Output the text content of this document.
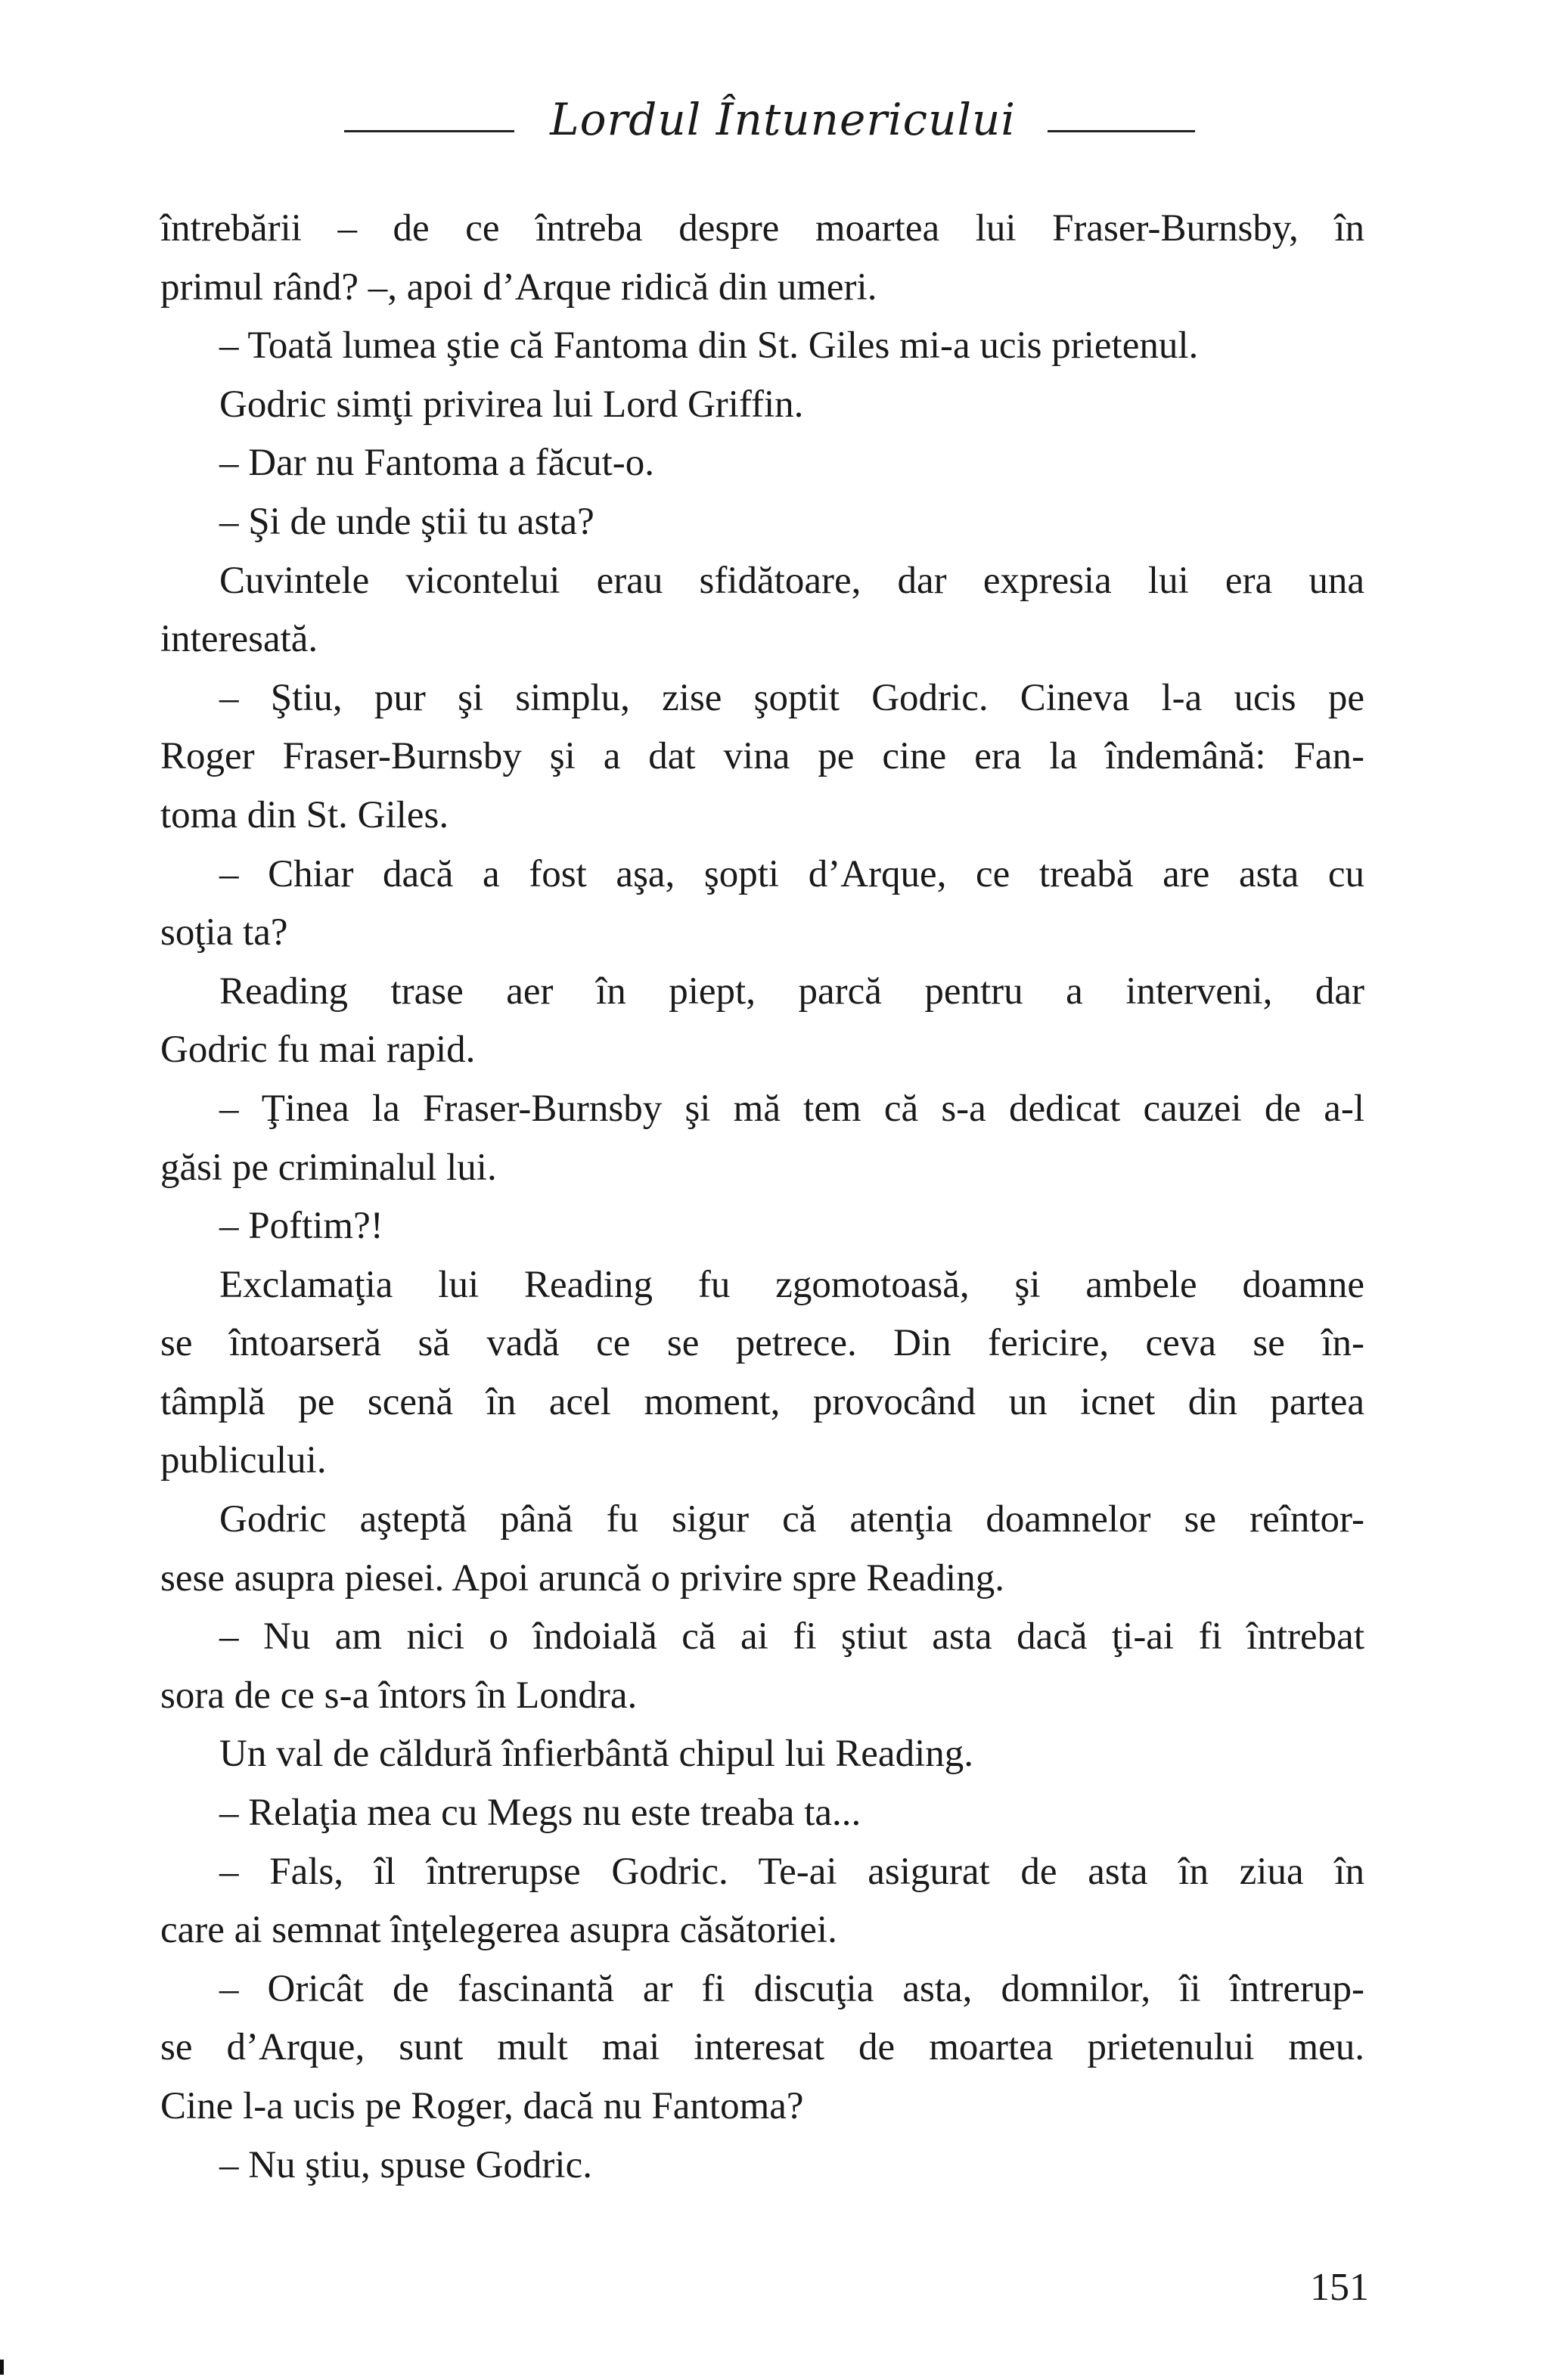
Lordul Întunericului
întrebării – de ce întreba despre moartea lui Fraser-Burnsby, în
primul rând? –, apoi d’Arque ridică din umeri.
– Toată lumea ştie că Fantoma din St. Giles mi-a ucis prietenul.
Godric simţi privirea lui Lord Griffin.
– Dar nu Fantoma a făcut-o.
– Şi de unde ştii tu asta?
Cuvintele vicontelui erau sfidătoare, dar expresia lui era una
interesată.
– Ştiu, pur şi simplu, zise şoptit Godric. Cineva l-a ucis pe
Roger Fraser-Burnsby şi a dat vina pe cine era la îndemână: Fan-
toma din St. Giles.
– Chiar dacă a fost aşa, şopti d’Arque, ce treabă are asta cu
soţia ta?
Reading trase aer în piept, parcă pentru a interveni, dar
Godric fu mai rapid.
– Ţinea la Fraser-Burnsby şi mă tem că s-a dedicat cauzei de a-l
găsi pe criminalul lui.
– Poftim?!
Exclamaţia lui Reading fu zgomotoasă, şi ambele doamne
se întoarseră să vadă ce se petrece. Din fericire, ceva se în-
tâmplă pe scenă în acel moment, provocând un icnet din partea
publicului.
Godric aşteptă până fu sigur că atenţia doamnelor se reîntor-
sese asupra piesei. Apoi aruncă o privire spre Reading.
– Nu am nici o îndoială că ai fi ştiut asta dacă ţi-ai fi întrebat
sora de ce s-a întors în Londra.
Un val de căldură înfierbântă chipul lui Reading.
– Relaţia mea cu Megs nu este treaba ta...
– Fals, îl întrerupse Godric. Te-ai asigurat de asta în ziua în
care ai semnat înţelegerea asupra căsătoriei.
– Oricât de fascinantă ar fi discuţia asta, domnilor, îi întrerup-
se d’Arque, sunt mult mai interesat de moartea prietenului meu.
Cine l-a ucis pe Roger, dacă nu Fantoma?
– Nu ştiu, spuse Godric.
151
